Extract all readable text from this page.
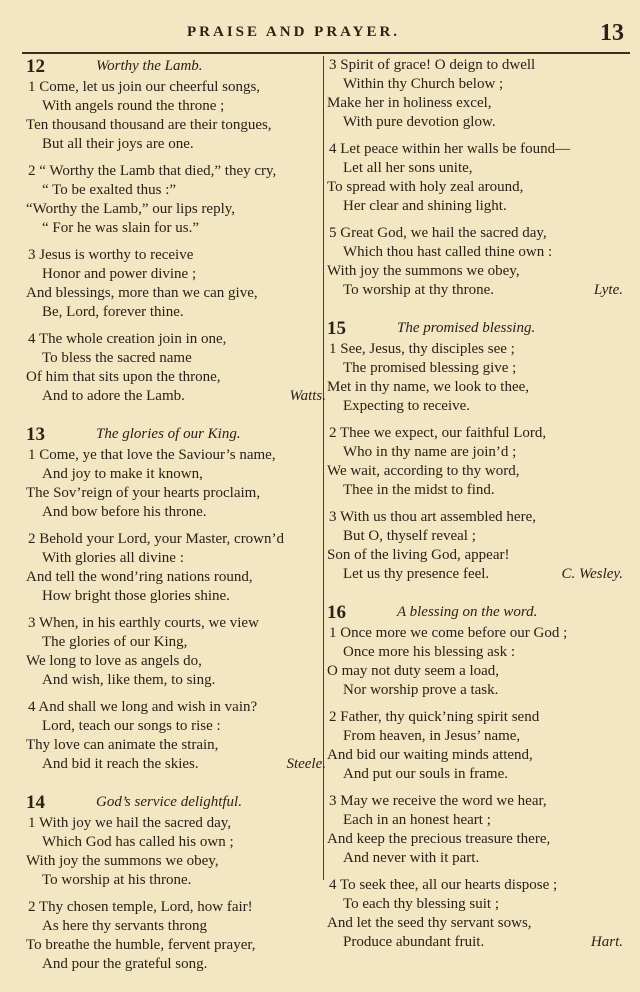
PRAISE AND PRAYER.	13
12	Worthy the Lamb.
1 Come, let us join our cheerful songs,
With angels round the throne ;
Ten thousand thousand are their tongues,
But all their joys are one.
2 “ Worthy the Lamb that died,” they cry,
“ To be exalted thus :”
“Worthy the Lamb,” our lips reply,
“ For he was slain for us.”
3 Jesus is worthy to receive
Honor and power divine ;
And blessings, more than we can give,
Be, Lord, forever thine.
4 The whole creation join in one,
To bless the sacred name
Of him that sits upon the throne,
And to adore the Lamb.	Watts.
13	The glories of our King.
1 Come, ye that love the Saviour’s name,
And joy to make it known,
The Sov’reign of your hearts proclaim,
And bow before his throne.
2 Behold your Lord, your Master, crown’d
With glories all divine :
And tell the wond’ring nations round,
How bright those glories shine.
3 When, in his earthly courts, we view
The glories of our King,
We long to love as angels do,
And wish, like them, to sing.
4 And shall we long and wish in vain?
Lord, teach our songs to rise :
Thy love can animate the strain,
And bid it reach the skies.	Steele.
14	God’s service delightful.
1 With joy we hail the sacred day,
Which God has called his own ;
With joy the summons we obey,
To worship at his throne.
2 Thy chosen temple, Lord, how fair!
As here thy servants throng
To breathe the humble, fervent prayer,
And pour the grateful song.
3 Spirit of grace! O deign to dwell
Within thy Church below ;
Make her in holiness excel,
With pure devotion glow.
4 Let peace within her walls be found—
Let all her sons unite,
To spread with holy zeal around,
Her clear and shining light.
5 Great God, we hail the sacred day,
Which thou hast called thine own :
With joy the summons we obey,
To worship at thy throne.	Lyte.
15	The promised blessing.
1 See, Jesus, thy disciples see ;
The promised blessing give ;
Met in thy name, we look to thee,
Expecting to receive.
2 Thee we expect, our faithful Lord,
Who in thy name are join’d ;
We wait, according to thy word,
Thee in the midst to find.
3 With us thou art assembled here,
But O, thyself reveal ;
Son of the living God, appear!
Let us thy presence feel.	C. Wesley.
16	A blessing on the word.
1 Once more we come before our God ;
Once more his blessing ask :
O may not duty seem a load,
Nor worship prove a task.
2 Father, thy quick’ning spirit send
From heaven, in Jesus’ name,
And bid our waiting minds attend,
And put our souls in frame.
3 May we receive the word we hear,
Each in an honest heart ;
And keep the precious treasure there,
And never with it part.
4 To seek thee, all our hearts dispose ;
To each thy blessing suit ;
And let the seed thy servant sows,
Produce abundant fruit.	Hart.
